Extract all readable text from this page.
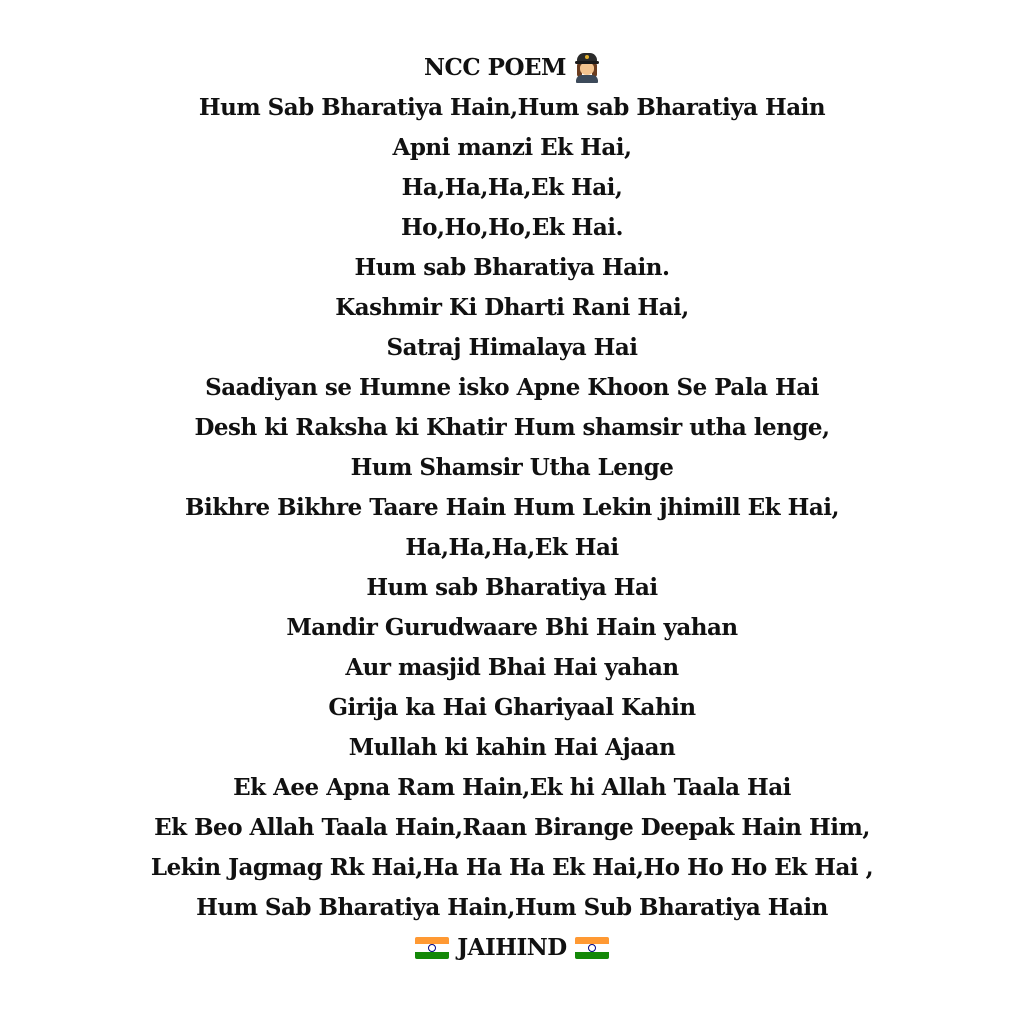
NCC POEM
Hum Sab Bharatiya Hain,Hum sab Bharatiya Hain
Apni manzi Ek Hai,
Ha,Ha,Ha,Ek Hai,
Ho,Ho,Ho,Ek Hai.
Hum sab Bharatiya Hain.
Kashmir Ki Dharti Rani Hai,
Satraj Himalaya Hai
Saadiyan se Humne isko Apne Khoon Se Pala Hai
Desh ki Raksha ki Khatir Hum shamsir utha lenge,
Hum Shamsir Utha Lenge
Bikhre Bikhre Taare Hain Hum Lekin jhimill Ek Hai,
Ha,Ha,Ha,Ek Hai
Hum sab Bharatiya Hai
Mandir Gurudwaare Bhi Hain yahan
Aur masjid Bhai Hai yahan
Girija ka Hai Ghariyaal Kahin
Mullah ki kahin Hai Ajaan
Ek Aee Apna Ram Hain,Ek hi Allah Taala Hai
Ek Beo Allah Taala Hain,Raan Birange Deepak Hain Him,
Lekin Jagmag Rk Hai,Ha Ha Ha Ek Hai,Ho Ho Ho Ek Hai ,
Hum Sab Bharatiya Hain,Hum Sub Bharatiya Hain
JAIHIND
